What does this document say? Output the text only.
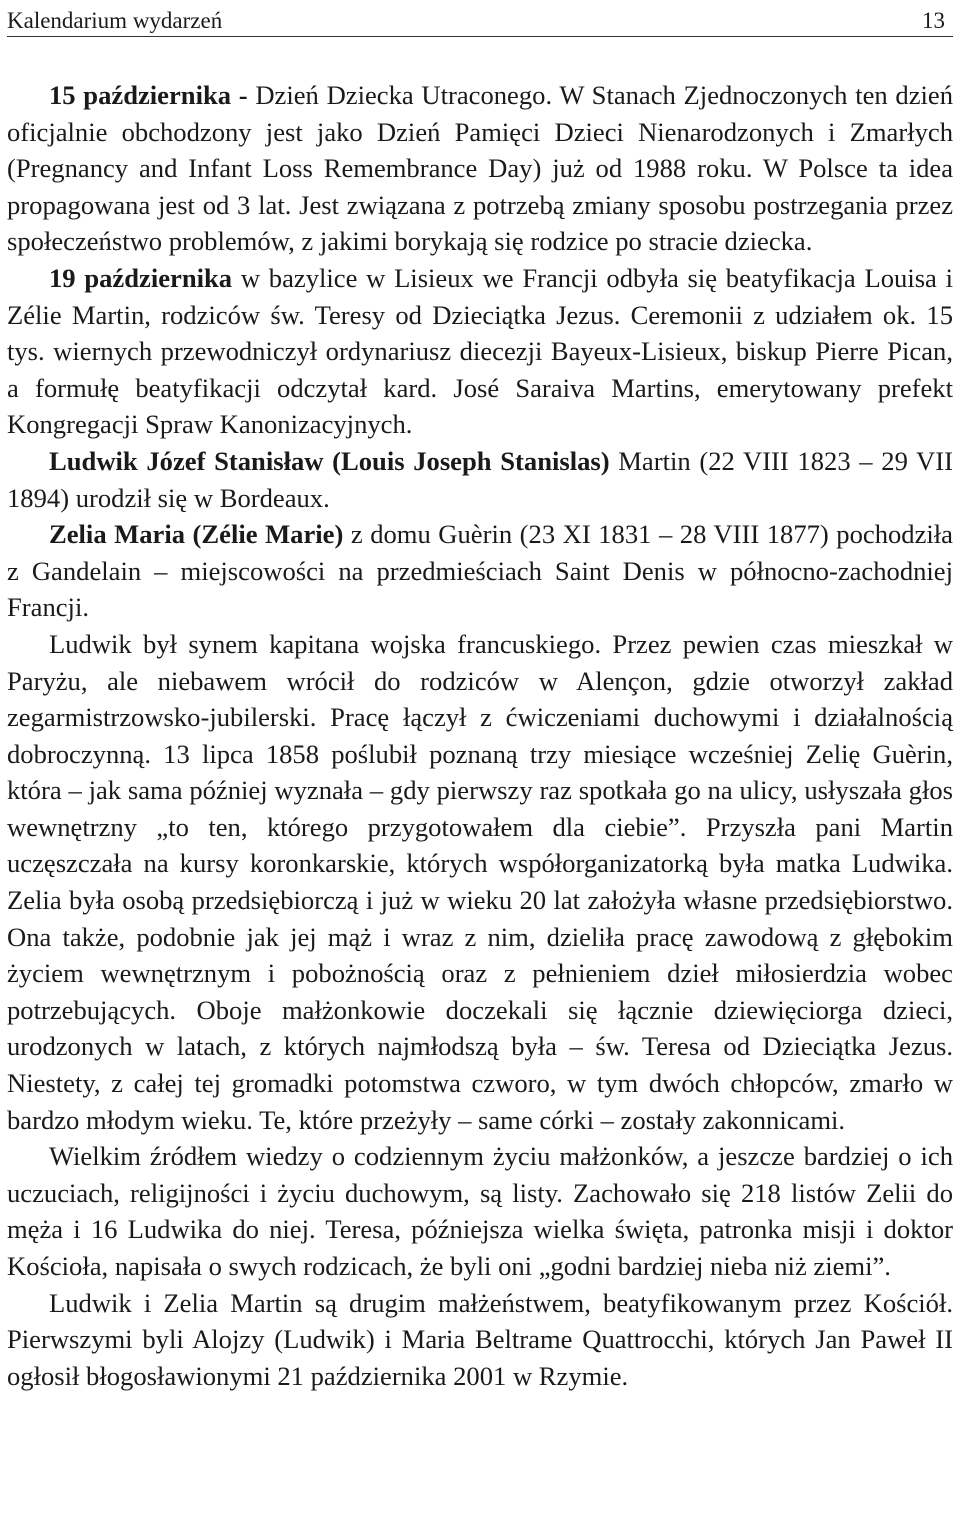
Kalendarium wydarzeń	13

15 października - Dzień Dziecka Utraconego. W Stanach Zjednoczonych ten dzień oficjalnie obchodzony jest jako Dzień Pamięci Dzieci Nienarodzonych i Zmarłych (Pregnancy and Infant Loss Remembrance Day) już od 1988 roku. W Polsce ta idea propagowana jest od 3 lat. Jest związana z potrzebą zmiany sposobu postrzegania przez społeczeństwo problemów, z jakimi borykają się rodzice po stracie dziecka.

19 października w bazylice w Lisieux we Francji odbyła się beatyfikacja Louisa i Zélie Martin, rodziców św. Teresy od Dzieciątka Jezus. Ceremonii z udziałem ok. 15 tys. wiernych przewodniczył ordynariusz diecezji Bayeux-Lisieux, biskup Pierre Pican, a formułę beatyfikacji odczytał kard. José Saraiva Martins, emerytowany prefekt Kongregacji Spraw Kanonizacyjnych.

Ludwik Józef Stanisław (Louis Joseph Stanislas) Martin (22 VIII 1823 – 29 VII 1894) urodził się w Bordeaux.

Zelia Maria (Zélie Marie) z domu Guèrin (23 XI 1831 – 28 VIII 1877) pochodziła z Gandelain – miejscowości na przedmieściach Saint Denis w północno-zachodniej Francji.

Ludwik był synem kapitana wojska francuskiego. Przez pewien czas mieszkał w Paryżu, ale niebawem wrócił do rodziców w Alençon, gdzie otworzył zakład zegarmistrzowsko-jubilerski. Pracę łączył z ćwiczeniami duchowymi i działalnością dobroczynną. 13 lipca 1858 poślubił poznaną trzy miesiące wcześniej Zelię Guèrin, która – jak sama później wyznała – gdy pierwszy raz spotkała go na ulicy, usłyszała głos wewnętrzny „to ten, którego przygotowałem dla ciebie”. Przyszła pani Martin uczęszczała na kursy koronkarskie, których współorganizatorką była matka Ludwika. Zelia była osobą przedsiębiorczą i już w wieku 20 lat założyła własne przedsiębiorstwo. Ona także, podobnie jak jej mąż i wraz z nim, dzieliła pracę zawodową z głębokim życiem wewnętrznym i pobożnością oraz z pełnieniem dzieł miłosierdzia wobec potrzebujących. Oboje małżonkowie doczekali się łącznie dziewięciorga dzieci, urodzonych w latach, z których najmłodszą była – św. Teresa od Dzieciątka Jezus. Niestety, z całej tej gromadki potomstwa czworo, w tym dwóch chłopców, zmarło w bardzo młodym wieku. Te, które przeżyły – same córki – zostały zakonnicami.

Wielkim źródłem wiedzy o codziennym życiu małżonków, a jeszcze bardziej o ich uczuciach, religijności i życiu duchowym, są listy. Zachowało się 218 listów Zelii do męża i 16 Ludwika do niej. Teresa, późniejsza wielka święta, patronka misji i doktor Kościoła, napisała o swych rodzicach, że byli oni „godni bardziej nieba niż ziemi”.

Ludwik i Zelia Martin są drugim małżeństwem, beatyfikowanym przez Kościół. Pierwszymi byli Alojzy (Ludwik) i Maria Beltrame Quattrocchi, których Jan Paweł II ogłosił błogosławionymi 21 października 2001 w Rzymie.
